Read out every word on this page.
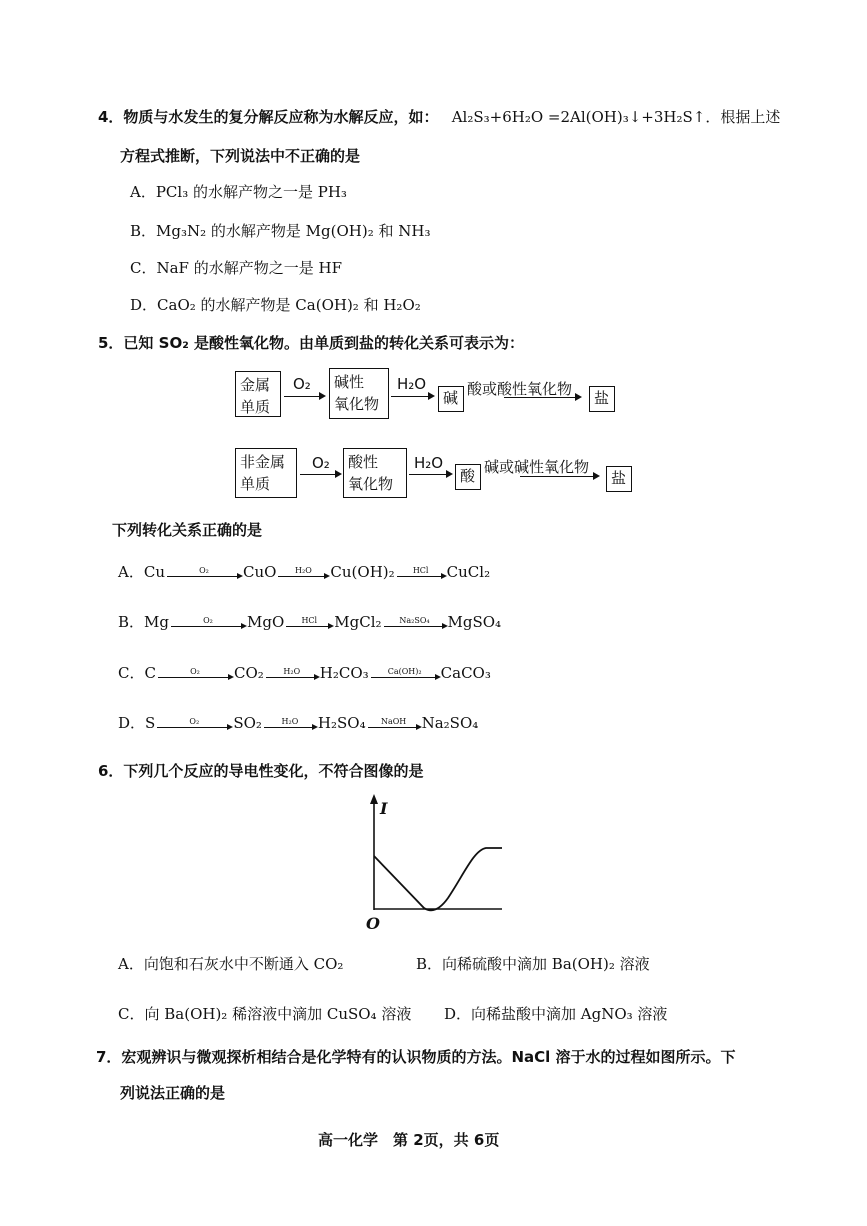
4．物质与水发生的复分解反应称为水解反应，如： Al₂S₃+6H₂O =2Al(OH)₃↓+3H₂S↑．根据上述
方程式推断，下列说法中不正确的是
A．PCl₃ 的水解产物之一是 PH₃
B．Mg₃N₂ 的水解产物是 Mg(OH)₂ 和 NH₃
C．NaF 的水解产物之一是 HF
D．CaO₂ 的水解产物是 Ca(OH)₂ 和 H₂O₂
5．已知 SO₂ 是酸性氧化物。由单质到盐的转化关系可表示为：
金属
单质
O₂ 碱性
氧化物
H₂O
碱 酸或酸性氧化物	盐
非金属
单质
O₂ 酸性
氧化物
H₂O
酸 碱或碱性氧化物
盐
下列转化关系正确的是
A． Cu	O₂ CuO H₂O Cu(OH)₂ HCl CuCl₂
B． Mg	O₂ MgO HCl MgCl₂ Na₂SO₄ MgSO₄
C． C	O₂ CO₂ H₂O H₂CO₃ Ca(OH)₂ CaCO₃
D． S	O₂ SO₂ H₂O H₂SO₄ NaOH Na₂SO₄
6．下列几个反应的导电性变化，不符合图像的是
I
O
A．向饱和石灰水中不断通入 CO₂	B．向稀硫酸中滴加 Ba(OH)₂ 溶液
C．向 Ba(OH)₂ 稀溶液中滴加 CuSO₄ 溶液 D．向稀盐酸中滴加 AgNO₃ 溶液
7．宏观辨识与微观探析相结合是化学特有的认识物质的方法。NaCl 溶于水的过程如图所示。下
列说法正确的是
高一化学　第 2页，共 6页
